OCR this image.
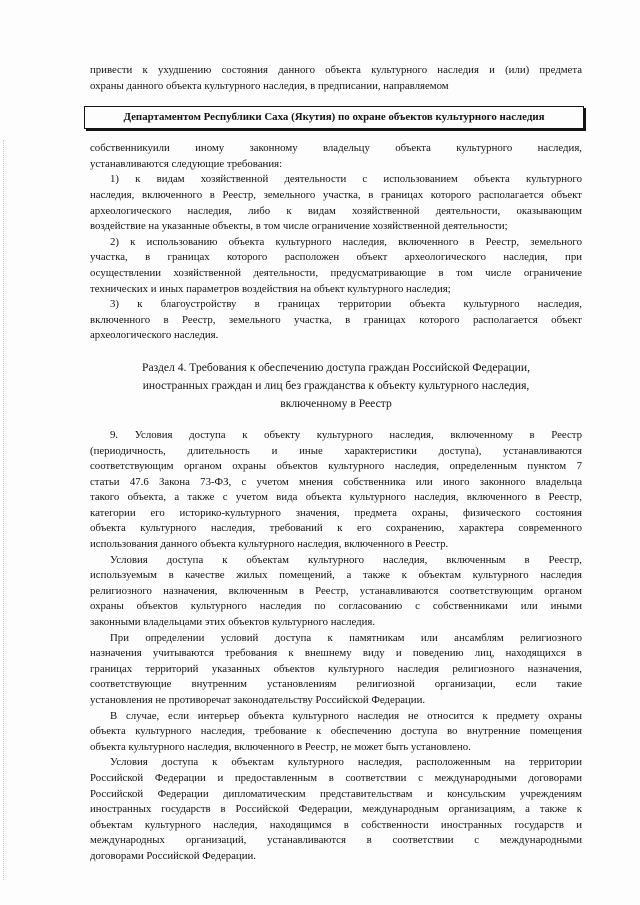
привести к ухудшению состояния данного объекта культурного наследия и (или) предмета
охраны данного объекта культурного наследия, в предписании, направляемом
Департаментом Республики Саха (Якутия) по охране объектов культурного наследия
собственникуили иному законному владельцу объекта культурного наследия,
устанавливаются следующие требования:
1) к видам хозяйственной деятельности с использованием объекта культурного
наследия, включенного в Реестр, земельного участка, в границах которого располагается объект
археологического наследия, либо к видам хозяйственной деятельности, оказывающим
воздействие на указанные объекты, в том числе ограничение хозяйственной деятельности;
2) к использованию объекта культурного наследия, включенного в Реестр, земельного
участка, в границах которого расположен объект археологического наследия, при
осуществлении хозяйственной деятельности, предусматривающие в том числе ограничение
технических и иных параметров воздействия на объект культурного наследия;
3) к благоустройству в границах территории объекта культурного наследия,
включенного в Реестр, земельного участка, в границах которого располагается объект
археологического наследия.
Раздел 4. Требования к обеспечению доступа граждан Российской Федерации,
иностранных граждан и лиц без гражданства к объекту культурного наследия,
включенному в Реестр
9. Условия доступа к объекту культурного наследия, включенному в Реестр
(периодичность, длительность и иные характеристики доступа), устанавливаются
соответствующим органом охраны объектов культурного наследия, определенным пунктом 7
статьи 47.6 Закона 73-ФЗ, с учетом мнения собственника или иного законного владельца
такого объекта, а также с учетом вида объекта культурного наследия, включенного в Реестр,
категории его историко-культурного значения, предмета охраны, физического состояния
объекта культурного наследия, требований к его сохранению, характера современного
использования данного объекта культурного наследия, включенного в Реестр.
Условия доступа к объектам культурного наследия, включенным в Реестр,
используемым в качестве жилых помещений, а также к объектам культурного наследия
религиозного назначения, включенным в Реестр, устанавливаются соответствующим органом
охраны объектов культурного наследия по согласованию с собственниками или иными
законными владельцами этих объектов культурного наследия.
При определении условий доступа к памятникам или ансамблям религиозного
назначения учитываются требования к внешнему виду и поведению лиц, находящихся в
границах территорий указанных объектов культурного наследия религиозного назначения,
соответствующие внутренним установлениям религиозной организации, если такие
установления не противоречат законодательству Российской Федерации.
В случае, если интерьер объекта культурного наследия не относится к предмету охраны
объекта культурного наследия, требование к обеспечению доступа во внутренние помещения
объекта культурного наследия, включенного в Реестр, не может быть установлено.
Условия доступа к объектам культурного наследия, расположенным на территории
Российской Федерации и предоставленным в соответствии с международными договорами
Российской Федерации дипломатическим представительствам и консульским учреждениям
иностранных государств в Российской Федерации, международным организациям, а также к
объектам культурного наследия, находящимся в собственности иностранных государств и
международных организаций, устанавливаются в соответствии с международными
договорами Российской Федерации.
